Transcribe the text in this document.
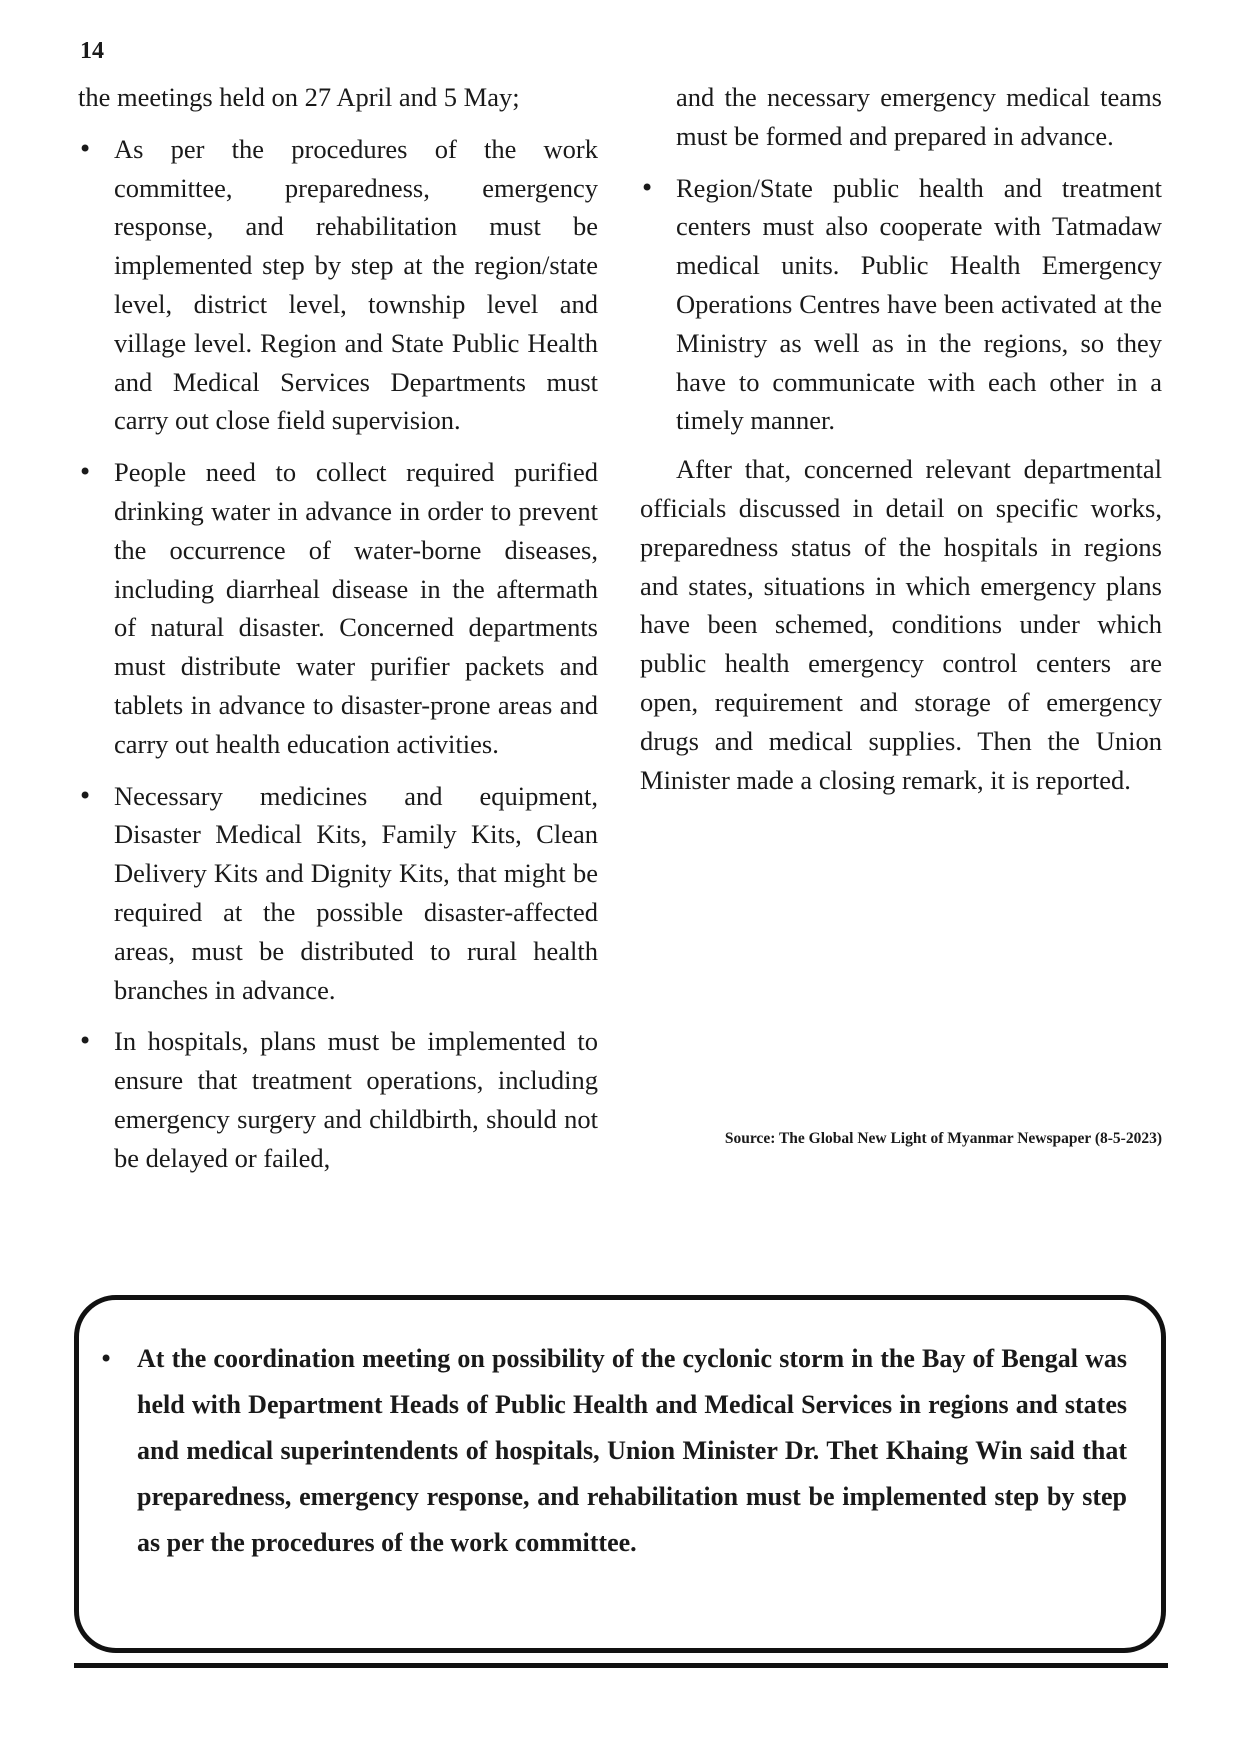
14

the meetings held on 27 April and 5 May;

• As per the procedures of the work committee, preparedness, emergency response, and rehabilitation must be implemented step by step at the region/state level, district level, township level and village level. Region and State Public Health and Medical Services Departments must carry out close field supervision.
• People need to collect required purified drinking water in advance in order to prevent the occurrence of water-borne diseases, including diarrheal disease in the aftermath of natural disaster. Concerned departments must distribute water purifier packets and tablets in advance to disaster-prone areas and carry out health education activities.
• Necessary medicines and equipment, Disaster Medical Kits, Family Kits, Clean Delivery Kits and Dignity Kits, that might be required at the possible disaster-affected areas, must be distributed to rural health branches in advance.
• In hospitals, plans must be implemented to ensure that treatment operations, including emergency surgery and childbirth, should not be delayed or failed,

and the necessary emergency medical teams must be formed and prepared in advance.

• Region/State public health and treatment centers must also cooperate with Tatmadaw medical units. Public Health Emergency Operations Centres have been activated at the Ministry as well as in the regions, so they have to communicate with each other in a timely manner.

After that, concerned relevant departmental officials discussed in detail on specific works, preparedness status of the hospitals in regions and states, situations in which emergency plans have been schemed, conditions under which public health emergency control centers are open, requirement and storage of emergency drugs and medical supplies. Then the Union Minister made a closing remark, it is reported.

Source: The Global New Light of Myanmar Newspaper (8-5-2023)
• At the coordination meeting on possibility of the cyclonic storm in the Bay of Bengal was held with Department Heads of Public Health and Medical Services in regions and states and medical superintendents of hospitals, Union Minister Dr. Thet Khaing Win said that preparedness, emergency response, and rehabilitation must be implemented step by step as per the procedures of the work committee.
